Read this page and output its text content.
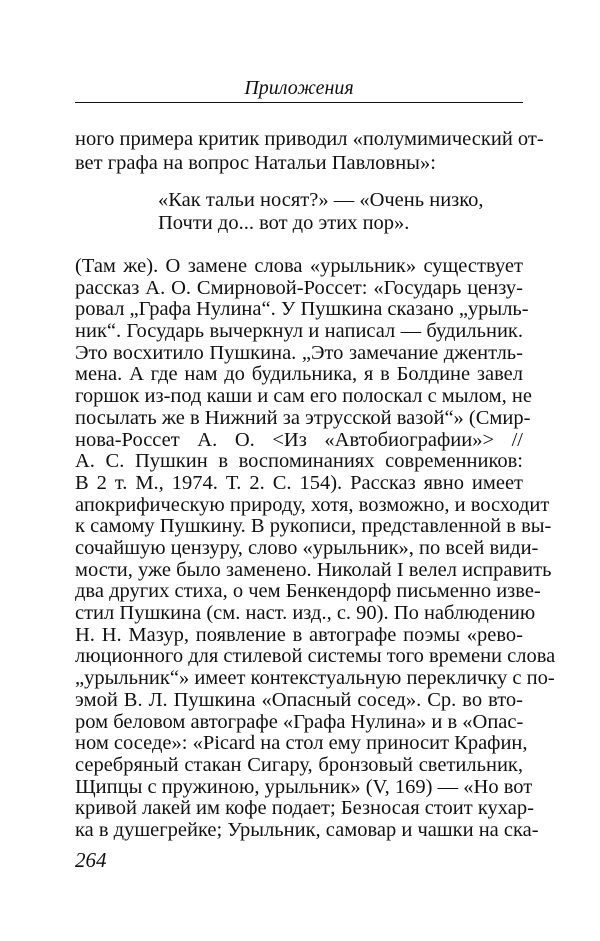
Приложения
ного примера критик приводил «полумимический от-
вет графа на вопрос Натальи Павловны»:
«Как тальи носят?» — «Очень низко,
Почти до... вот до этих пор».
(Там же). О замене слова «урыльник» существует
рассказ А. О. Смирновой-Россет: «Государь цензу-
ровал „Графа Нулина“. У Пушкина сказано „урыль-
ник“. Государь вычеркнул и написал — будильник.
Это восхитило Пушкина. „Это замечание джентль-
мена. А где нам до будильника, я в Болдине завел
горшок из-под каши и сам его полоскал с мылом, не
посылать же в Нижний за этрусской вазой“» (Смир-
нова-Россет А. О. <Из «Автобиографии»> //
А. С. Пушкин в воспоминаниях современников:
В 2 т. М., 1974. Т. 2. С. 154). Рассказ явно имеет
апокрифическую природу, хотя, возможно, и восходит
к самому Пушкину. В рукописи, представленной в вы-
сочайшую цензуру, слово «урыльник», по всей види-
мости, уже было заменено. Николай I велел исправить
два других стиха, о чем Бенкендорф письменно изве-
стил Пушкина (см. наст. изд., с. 90). По наблюдению
Н. Н. Мазур, появление в автографе поэмы «рево-
люционного для стилевой системы того времени слова
„урыльник“» имеет контекстуальную перекличку с по-
эмой В. Л. Пушкина «Опасный сосед». Ср. во вто-
ром беловом автографе «Графа Нулина» и в «Опас-
ном соседе»: «Picard на стол ему приносит Крафин,
серебряный стакан Сигару, бронзовый светильник,
Щипцы с пружиною, урыльник» (V, 169) — «Но вот
кривой лакей им кофе подает; Безносая стоит кухар-
ка в душегрейке; Урыльник, самовар и чашки на ска-
264
